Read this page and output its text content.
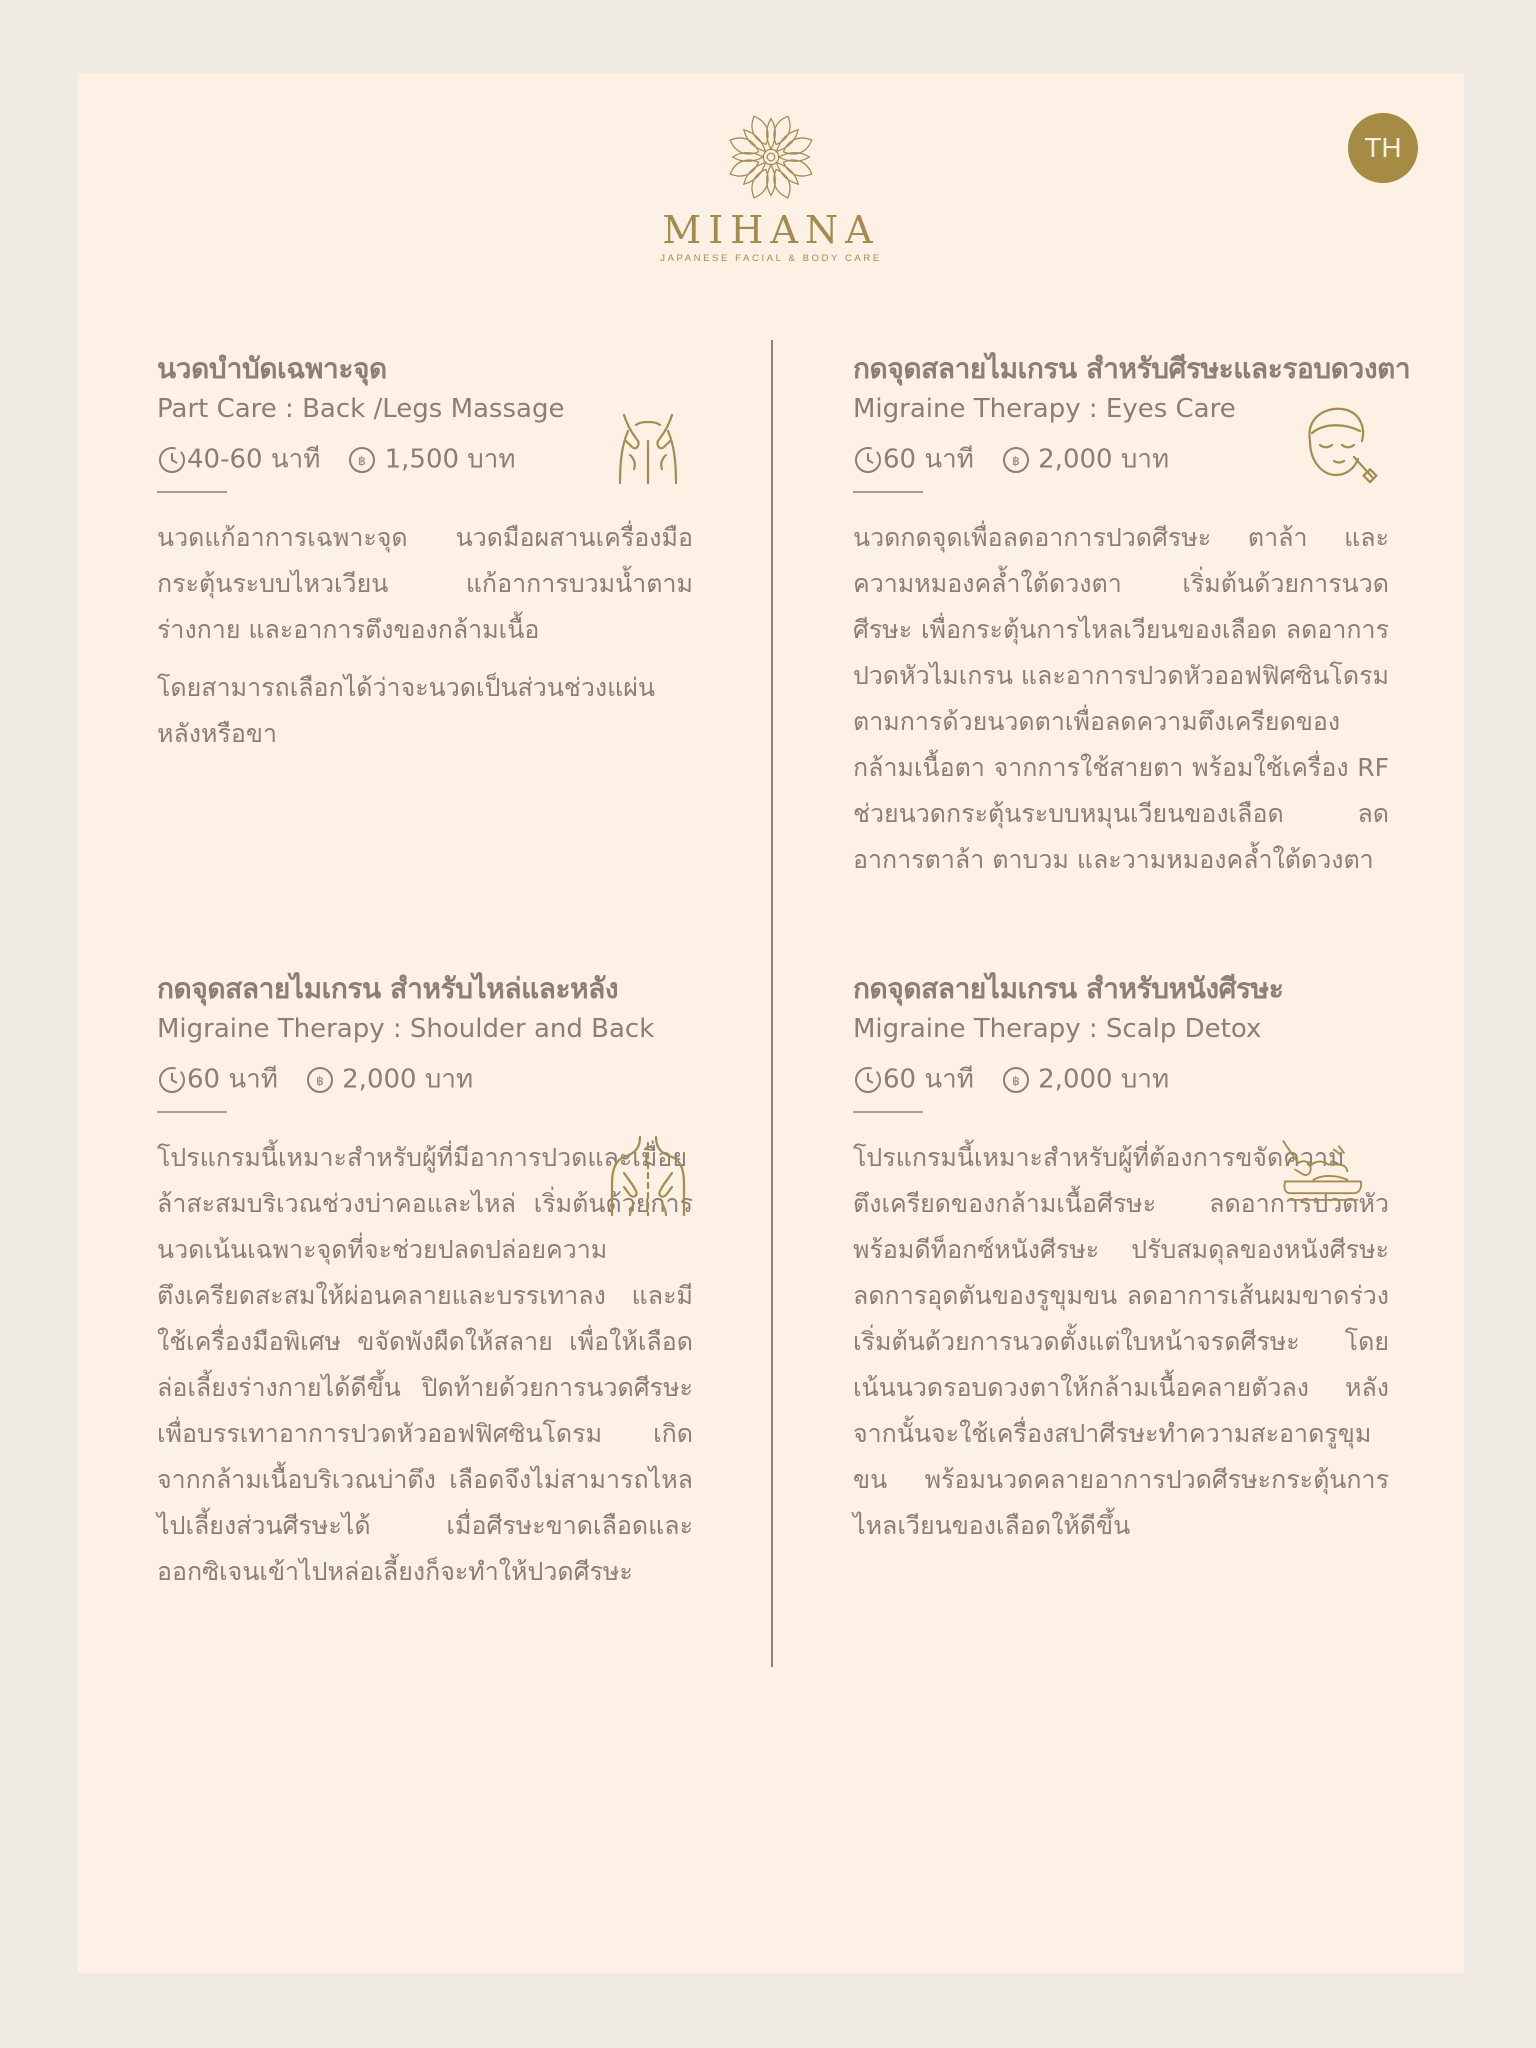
MIHANA
JAPANESE FACIAL & BODY CARE
TH
นวดบำบัดเฉพาะจุด
Part Care : Back /Legs Massage
40-60 นาที	฿ 1,500 บาท

นวดแก้อาการเฉพาะจุด นวดมือผสานเครื่องมือกระตุ้นระบบไหวเวียน แก้อาการบวมน้ำตามร่างกาย และอาการตึงของกล้ามเนื้อ

โดยสามารถเลือกได้ว่าจะนวดเป็นส่วนช่วงแผ่นหลังหรือขา

กดจุดสลายไมเกรน สำหรับศีรษะและรอบดวงตา
Migraine Therapy : Eyes Care
60 นาที	฿ 2,000 บาท

นวดกดจุดเพื่อลดอาการปวดศีรษะ ตาล้า และความหมองคล้ำใต้ดวงตา เริ่มต้นด้วยการนวดศีรษะ เพื่อกระตุ้นการไหลเวียนของเลือด ลดอาการปวดหัวไมเกรน และอาการปวดหัวออฟฟิศซินโดรมตามการด้วยนวดตาเพื่อลดความตึงเครียดของกล้ามเนื้อตา จากการใช้สายตา พร้อมใช้เครื่อง RF ช่วยนวดกระตุ้นระบบหมุนเวียนของเลือด ลดอาการตาล้า ตาบวม และวามหมองคล้ำใต้ดวงตา

กดจุดสลายไมเกรน สำหรับไหล่และหลัง
Migraine Therapy : Shoulder and Back
60 นาที	฿ 2,000 บาท

โปรแกรมนี้เหมาะสำหรับผู้ที่มีอาการปวดและเมื่อยล้าสะสมบริเวณช่วงบ่าคอและไหล่ เริ่มต้นด้วยการนวดเน้นเฉพาะจุดที่จะช่วยปลดปล่อยความตึงเครียดสะสมให้ผ่อนคลายและบรรเทาลง และมีใช้เครื่องมือพิเศษ ขจัดพังผืดให้สลาย เพื่อให้เลือดล่อเลี้ยงร่างกายได้ดีขึ้น ปิดท้ายด้วยการนวดศีรษะ เพื่อบรรเทาอาการปวดหัวออฟฟิศซินโดรม เกิดจากกล้ามเนื้อบริเวณบ่าตึง เลือดจึงไม่สามารถไหลไปเลี้ยงส่วนศีรษะได้ เมื่อศีรษะขาดเลือดและออกซิเจนเข้าไปหล่อเลี้ยงก็จะทำให้ปวดศีรษะ

กดจุดสลายไมเกรน สำหรับหนังศีรษะ
Migraine Therapy : Scalp Detox
60 นาที	฿ 2,000 บาท

โปรแกรมนี้เหมาะสำหรับผู้ที่ต้องการขจัดความตึงเครียดของกล้ามเนื้อศีรษะ ลดอาการปวดหัวพร้อมดีท็อกซ์หนังศีรษะ ปรับสมดุลของหนังศีรษะ ลดการอุดตันของรูขุมขน ลดอาการเส้นผมขาดร่วง เริ่มต้นด้วยการนวดตั้งแต่ใบหน้าจรดศีรษะ โดยเน้นนวดรอบดวงตาให้กล้ามเนื้อคลายตัวลง หลังจากนั้นจะใช้เครื่องสปาศีรษะทำความสะอาดรูขุมขน พร้อมนวดคลายอาการปวดศีรษะกระตุ้นการไหลเวียนของเลือดให้ดีขึ้น
